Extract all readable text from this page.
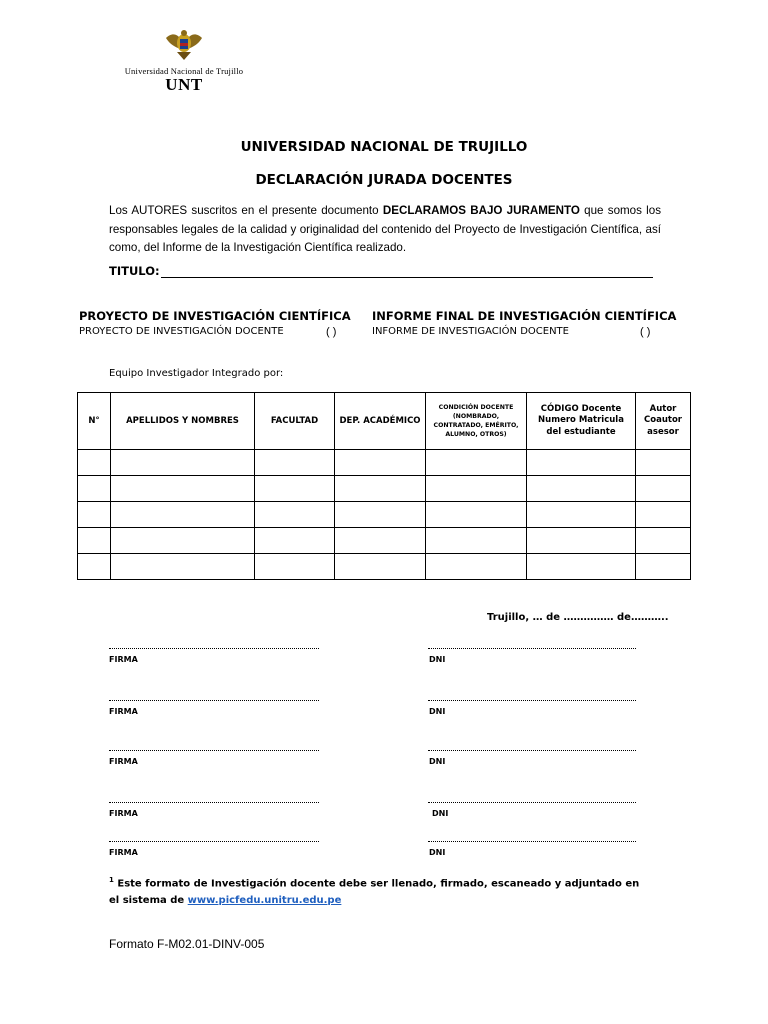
Universidad Nacional de Trujillo
UNT
UNIVERSIDAD NACIONAL DE TRUJILLO
DECLARACIÓN JURADA DOCENTES
Los AUTORES suscritos en el presente documento DECLARAMOS BAJO JURAMENTO que somos los responsables legales de la calidad y originalidad del contenido del Proyecto de Investigación Científica, así como, del Informe de la Investigación Científica realizado.
TITULO:
PROYECTO DE INVESTIGACIÓN CIENTÍFICA
PROYECTO DE INVESTIGACIÓN DOCENTE	( )
INFORME FINAL DE INVESTIGACIÓN CIENTÍFICA
INFORME DE INVESTIGACIÓN DOCENTE	( )
Equipo Investigador Integrado por:
N°	APELLIDOS Y NOMBRES	FACULTAD	DEP. ACADÉMICO	CONDICIÓN DOCENTE (NOMBRADO, CONTRATADO, EMÉRITO, ALUMNO, OTROS)	CÓDIGO Docente Numero Matricula del estudiante	Autor Coautor asesor

Trujillo, … de …………… de………..
FIRMA	DNI
FIRMA	DNI
FIRMA	DNI
FIRMA	DNI
FIRMA	DNI
$^1$ Este formato de Investigación docente debe ser llenado, firmado, escaneado y adjuntado en el sistema de www.picfedu.unitru.edu.pe
Formato F-M02.01-DINV-005
